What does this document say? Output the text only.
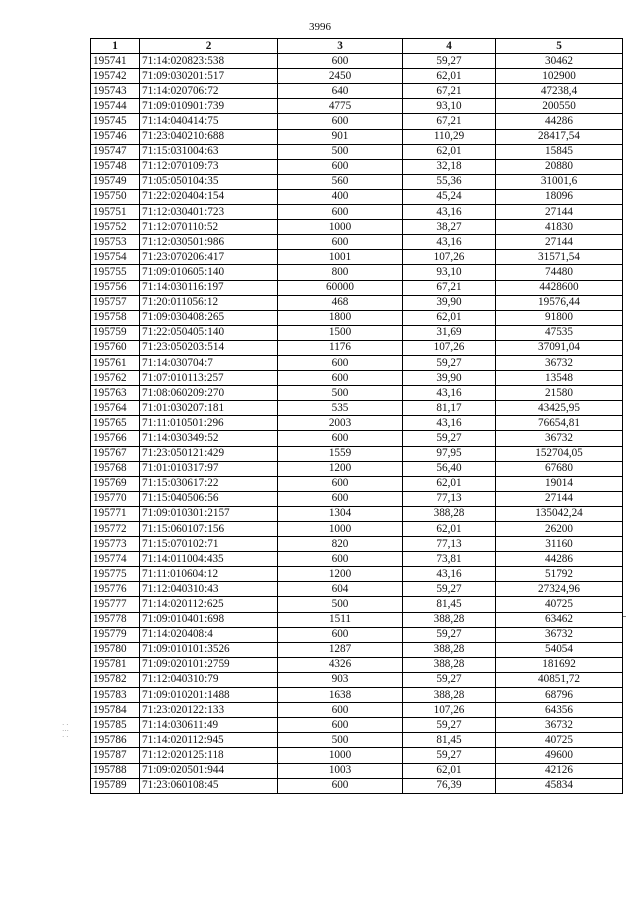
3996
1	2	3	4	5
195741	71:14:020823:538	600	59,27	30462
195742	71:09:030201:517	2450	62,01	102900
195743	71:14:020706:72	640	67,21	47238,4
195744	71:09:010901:739	4775	93,10	200550
195745	71:14:040414:75	600	67,21	44286
195746	71:23:040210:688	901	110,29	28417,54
195747	71:15:031004:63	500	62,01	15845
195748	71:12:070109:73	600	32,18	20880
195749	71:05:050104:35	560	55,36	31001,6
195750	71:22:020404:154	400	45,24	18096
195751	71:12:030401:723	600	43,16	27144
195752	71:12:070110:52	1000	38,27	41830
195753	71:12:030501:986	600	43,16	27144
195754	71:23:070206:417	1001	107,26	31571,54
195755	71:09:010605:140	800	93,10	74480
195756	71:14:030116:197	60000	67,21	4428600
195757	71:20:011056:12	468	39,90	19576,44
195758	71:09:030408:265	1800	62,01	91800
195759	71:22:050405:140	1500	31,69	47535
195760	71:23:050203:514	1176	107,26	37091,04
195761	71:14:030704:7	600	59,27	36732
195762	71:07:010113:257	600	39,90	13548
195763	71:08:060209:270	500	43,16	21580
195764	71:01:030207:181	535	81,17	43425,95
195765	71:11:010501:296	2003	43,16	76654,81
195766	71:14:030349:52	600	59,27	36732
195767	71:23:050121:429	1559	97,95	152704,05
195768	71:01:010317:97	1200	56,40	67680
195769	71:15:030617:22	600	62,01	19014
195770	71:15:040506:56	600	77,13	27144
195771	71:09:010301:2157	1304	388,28	135042,24
195772	71:15:060107:156	1000	62,01	26200
195773	71:15:070102:71	820	77,13	31160
195774	71:14:011004:435	600	73,81	44286
195775	71:11:010604:12	1200	43,16	51792
195776	71:12:040310:43	604	59,27	27324,96
195777	71:14:020112:625	500	81,45	40725
195778	71:09:010401:698	1511	388,28	63462
195779	71:14:020408:4	600	59,27	36732
195780	71:09:010101:3526	1287	388,28	54054
195781	71:09:020101:2759	4326	388,28	181692
195782	71:12:040310:79	903	59,27	40851,72
195783	71:09:010201:1488	1638	388,28	68796
195784	71:23:020122:133	600	107,26	64356
195785	71:14:030611:49	600	59,27	36732
195786	71:14:020112:945	500	81,45	40725
195787	71:12:020125:118	1000	59,27	49600
195788	71:09:020501:944	1003	62,01	42126
195789	71:23:060108:45	600	76,39	45834
· ·
···
· ·
